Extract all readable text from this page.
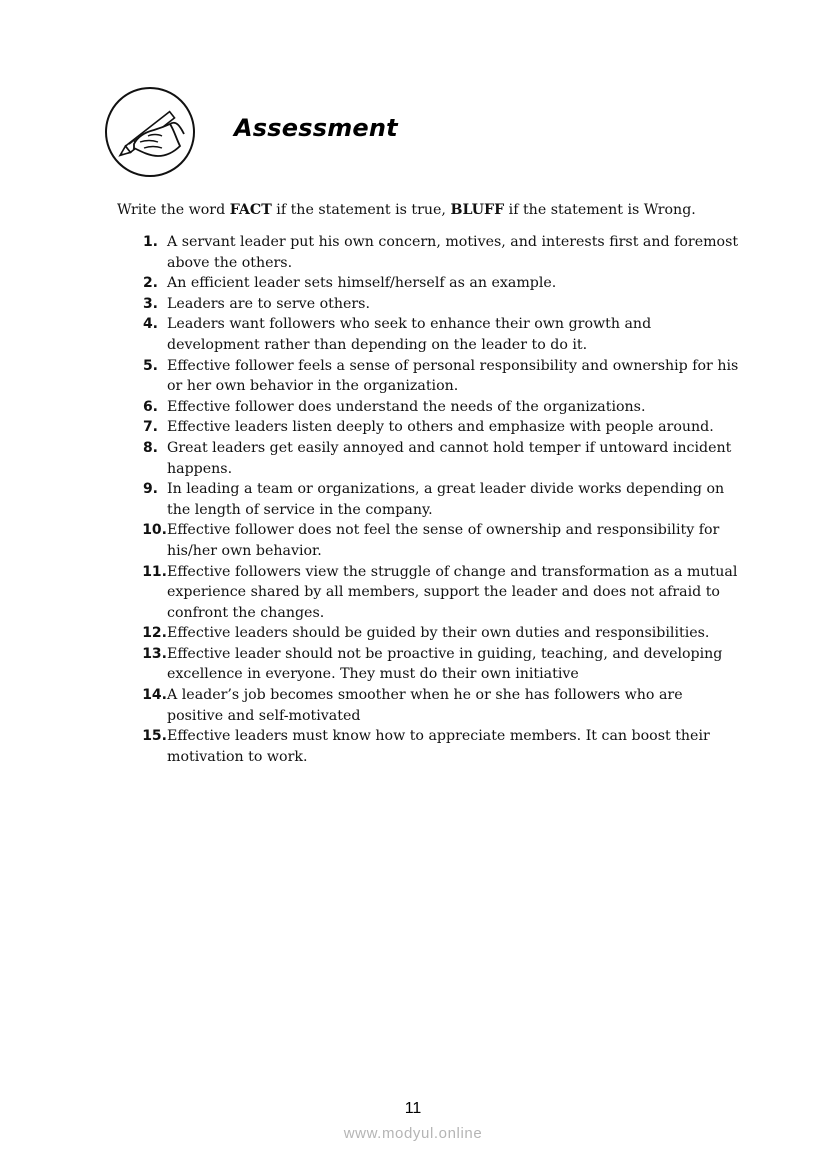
Assessment
Write the word FACT if the statement is true, BLUFF if the statement is Wrong.
1. A servant leader put his own concern, motives, and interests first and foremost above the others.
2. An efficient leader sets himself/herself as an example.
3. Leaders are to serve others.
4. Leaders want followers who seek to enhance their own growth and development rather than depending on the leader to do it.
5. Effective follower feels a sense of personal responsibility and ownership for his or her own behavior in the organization.
6. Effective follower does understand the needs of the organizations.
7. Effective leaders listen deeply to others and emphasize with people around.
8. Great leaders get easily annoyed and cannot hold temper if untoward incident happens.
9. In leading a team or organizations, a great leader divide works depending on the length of service in the company.
10. Effective follower does not feel the sense of ownership and responsibility for his/her own behavior.
11. Effective followers view the struggle of change and transformation as a mutual experience shared by all members, support the leader and does not afraid to confront the changes.
12. Effective leaders should be guided by their own duties and responsibilities.
13. Effective leader should not be proactive in guiding, teaching, and developing excellence in everyone. They must do their own initiative
14. A leader’s job becomes smoother when he or she has followers who are positive and self-motivated
15. Effective leaders must know how to appreciate members. It can boost their motivation to work.
11
www.modyul.online
